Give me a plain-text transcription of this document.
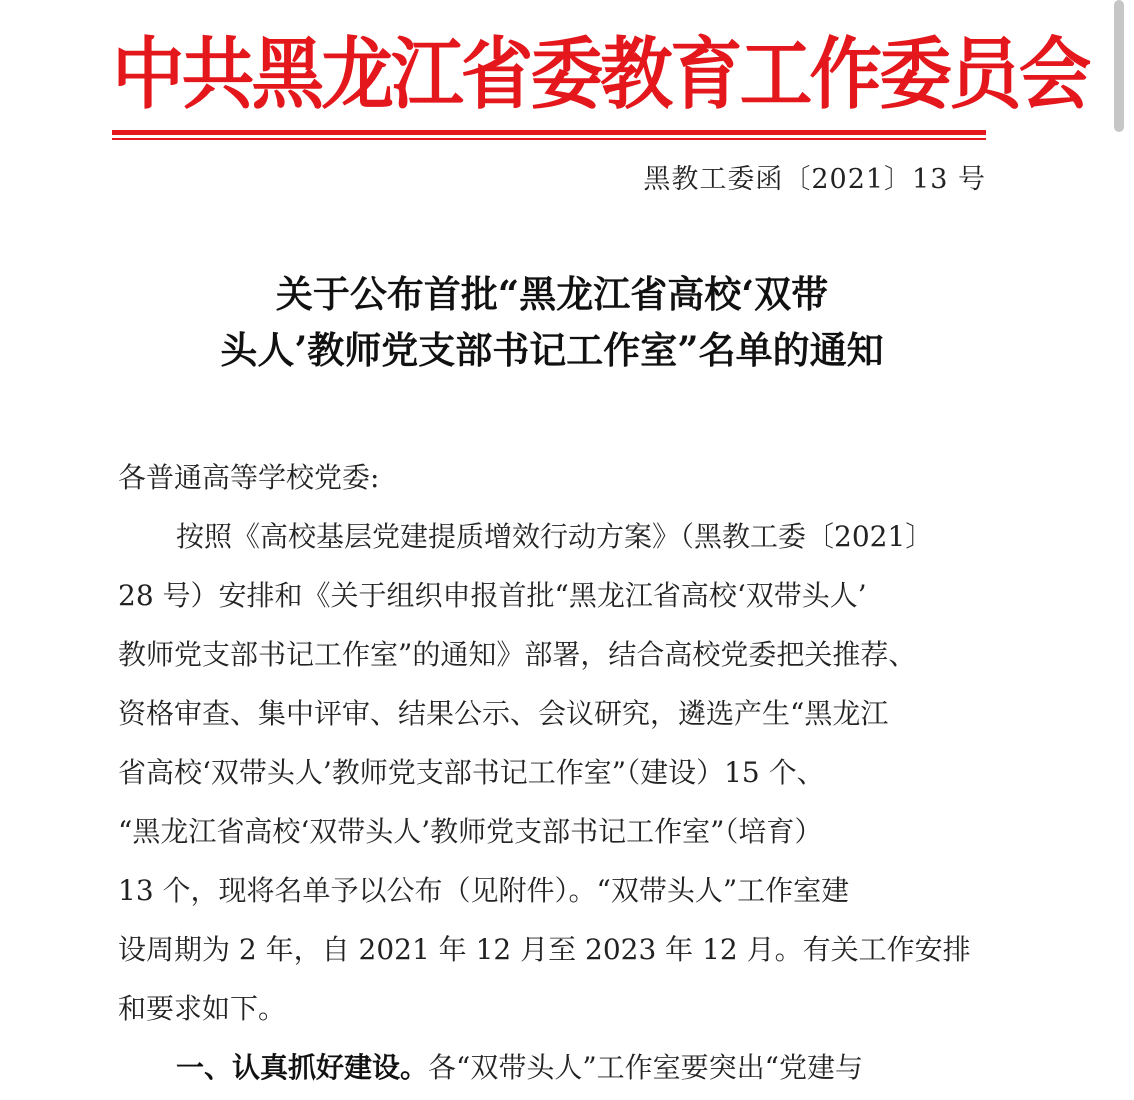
中共黑龙江省委教育工作委员会
黑教工委函〔2021〕13 号
关于公布首批“黑龙江省高校‘双带
头人’教师党支部书记工作室”名单的通知
各普通高等学校党委:
按照《高校基层党建提质增效行动方案》（黑教工委〔2021〕
28 号）安排和《关于组织申报首批“黑龙江省高校‘双带头人’
教师党支部书记工作室”的通知》部署，结合高校党委把关推荐、
资格审查、集中评审、结果公示、会议研究，遴选产生“黑龙江
省高校‘双带头人’教师党支部书记工作室”（建设）15 个、
“黑龙江省高校‘双带头人’教师党支部书记工作室”（培育）
13 个，现将名单予以公布（见附件）。“双带头人”工作室建
设周期为 2 年，自 2021 年 12 月至 2023 年 12 月。有关工作安排
和要求如下。
一、认真抓好建设。各“双带头人”工作室要突出“党建与
